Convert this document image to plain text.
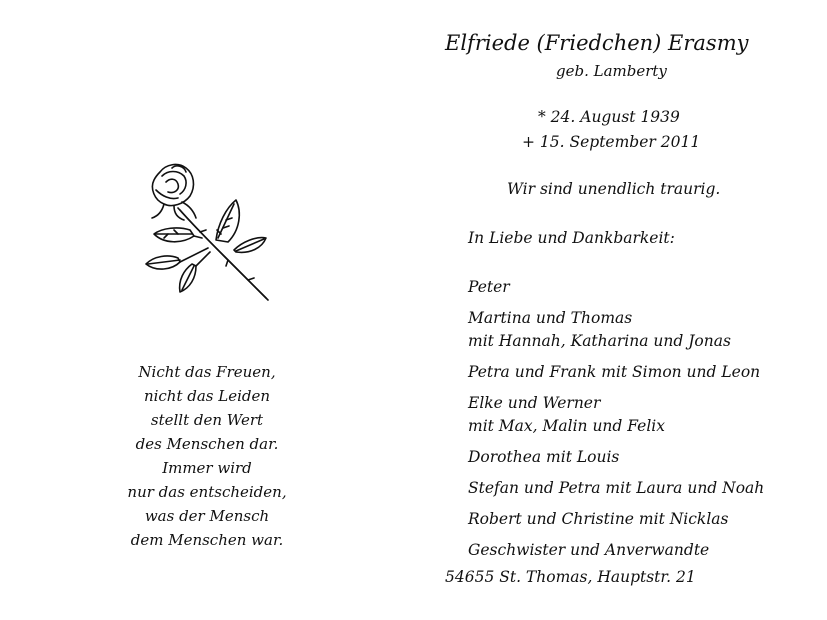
Nicht das Freuen,
nicht das Leiden
stellt den Wert
des Menschen dar.
Immer wird
nur das entscheiden,
was der Mensch
dem Menschen war.
Elfriede (Friedchen) Erasmy
geb. Lamberty
* 24. August 1939
+ 15. September 2011
Wir sind unendlich traurig.
In Liebe und Dankbarkeit:
Peter
Martina und Thomas
mit Hannah, Katharina und Jonas
Petra und Frank mit Simon und Leon
Elke und Werner
mit Max, Malin und Felix
Dorothea mit Louis
Stefan und Petra mit Laura und Noah
Robert und Christine mit Nicklas
Geschwister und Anverwandte
54655 St. Thomas, Hauptstr. 21
